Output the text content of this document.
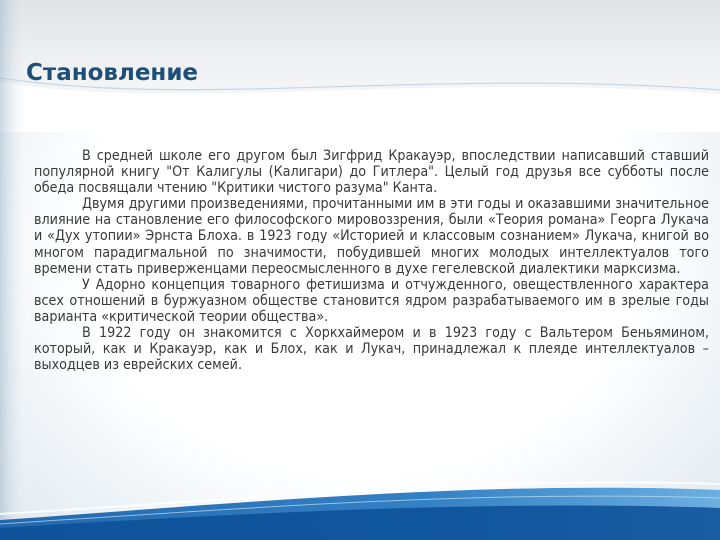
Становление

В средней школе его другом был Зигфрид Кракауэр, впоследствии написавший ставший популярной книгу "От Калигулы (Калигари) до Гитлера". Целый год друзья все субботы после обеда посвящали чтению "Критики чистого разума" Канта.

Двумя другими произведениями, прочитанными им в эти годы и оказавшими значительное влияние на становление его философского мировоззрения, были «Теория романа» Георга Лукача и «Дух утопии» Эрнста Блоха. в 1923 году «Историей и классовым сознанием» Лукача, книгой во многом парадигмальной по значимости, побудившей многих молодых интеллектуалов того времени стать приверженцами переосмысленного в духе гегелевской диалектики марксизма.

У Адорно концепция товарного фетишизма и отчужденного, овеществленного характера всех отношений в буржуазном обществе становится ядром разрабатываемого им в зрелые годы варианта «критической теории общества».

В 1922 году он знакомится с Хоркхаймером и в 1923 году с Вальтером Беньямином, который, как и Кракауэр, как и Блох, как и Лукач, принадлежал к плеяде интеллектуалов – выходцев из еврейских семей.
